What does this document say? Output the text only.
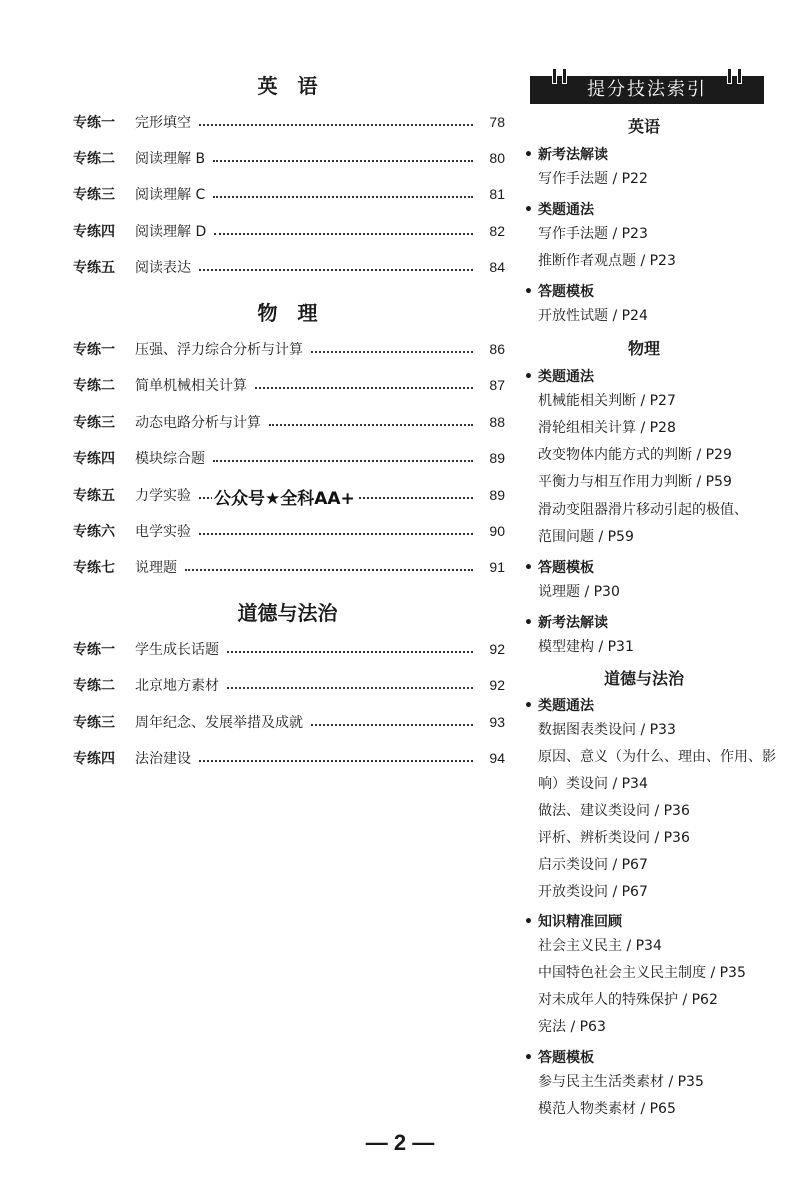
英　语
专练一	完形填空	78
专练二	阅读理解 B	80
专练三	阅读理解 C	81
专练四	阅读理解 D	82
专练五	阅读表达	84
物　理
专练一	压强、浮力综合分析与计算	86
专练二	简单机械相关计算	87
专练三	动态电路分析与计算	88
专练四	模块综合题	89
专练五	力学实验	89
专练六	电学实验	90
专练七	说理题	91
道德与法治
专练一	学生成长话题	92
专练二	北京地方素材	92
专练三	周年纪念、发展举措及成就	93
专练四	法治建设	94
公众号★全科AA+
提分技法索引
英语
• 新考法解读
写作手法题 / P22
• 类题通法
写作手法题 / P23
推断作者观点题 / P23
• 答题模板
开放性试题 / P24
物理
• 类题通法
机械能相关判断 / P27
滑轮组相关计算 / P28
改变物体内能方式的判断 / P29
平衡力与相互作用力判断 / P59
滑动变阻器滑片移动引起的极值、
范围问题 / P59
• 答题模板
说理题 / P30
• 新考法解读
模型建构 / P31
道德与法治
• 类题通法
数据图表类设问 / P33
原因、意义（为什么、理由、作用、影
响）类设问 / P34
做法、建议类设问 / P36
评析、辨析类设问 / P36
启示类设问 / P67
开放类设问 / P67
• 知识精准回顾
社会主义民主 / P34
中国特色社会主义民主制度 / P35
对未成年人的特殊保护 / P62
宪法 / P63
• 答题模板
参与民主生活类素材 / P35
模范人物类素材 / P65
— 2 —
